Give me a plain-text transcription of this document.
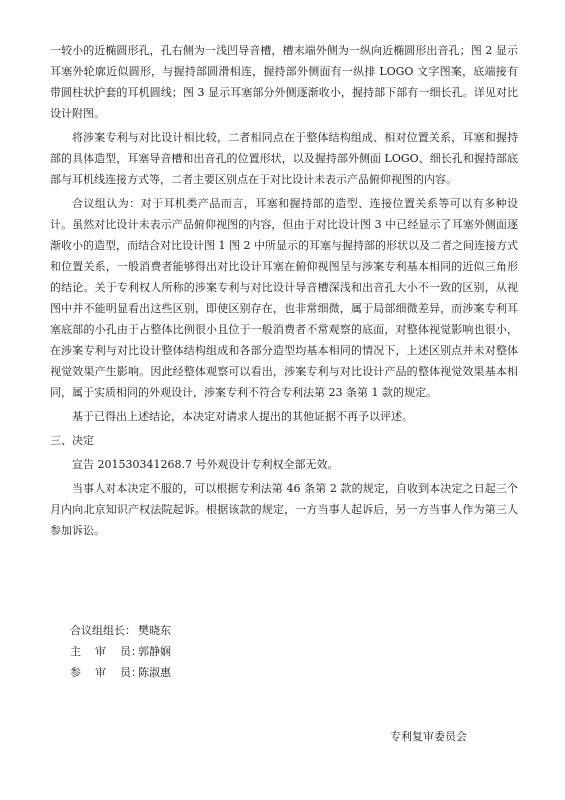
一较小的近椭圆形孔，孔右侧为一浅凹导音槽，槽末端外侧为一纵向近椭圆形出音孔；图 2 显示耳塞外轮廓近似圆形，与握持部圆滑相连，握持部外侧面有一纵排 LOGO 文字图案，底端接有带圆柱状护套的耳机圆线；图 3 显示耳塞部分外侧逐渐收小，握持部下部有一细长孔。详见对比设计附图。

将涉案专利与对比设计相比较，二者相同点在于整体结构组成、相对位置关系，耳塞和握持部的具体造型，耳塞导音槽和出音孔的位置形状，以及握持部外侧面 LOGO、细长孔和握持部底部与耳机线连接方式等，二者主要区别点在于对比设计未表示产品俯仰视图的内容。

合议组认为：对于耳机类产品而言，耳塞和握持部的造型、连接位置关系等可以有多种设计。虽然对比设计未表示产品俯仰视图的内容，但由于对比设计图 3 中已经显示了耳塞外侧面逐渐收小的造型，而结合对比设计图 1 图 2 中所显示的耳塞与握持部的形状以及二者之间连接方式和位置关系，一般消费者能够得出对比设计耳塞在俯仰视图呈与涉案专利基本相同的近似三角形的结论。关于专利权人所称的涉案专利与对比设计导音槽深浅和出音孔大小不一致的区别，从视图中并不能明显看出这些区别，即使区别存在，也非常细微，属于局部细微差异，而涉案专利耳塞底部的小孔由于占整体比例很小且位于一般消费者不常观察的底面，对整体视觉影响也很小，在涉案专利与对比设计整体结构组成和各部分造型均基本相同的情况下，上述区别点并未对整体视觉效果产生影响。因此经整体观察可以看出，涉案专利与对比设计产品的整体视觉效果基本相同，属于实质相同的外观设计，涉案专利不符合专利法第 23 条第 1 款的规定。

基于已得出上述结论，本决定对请求人提出的其他证据不再予以评述。

三、决定

宣告 201530341268.7 号外观设计专利权全部无效。

当事人对本决定不服的，可以根据专利法第 46 条第 2 款的规定，自收到本决定之日起三个月内向北京知识产权法院起诉。根据该款的规定，一方当事人起诉后，另一方当事人作为第三人参加诉讼。

合议组组长： 樊晓东
主    审    员：
郭静娴
参    审    员：
陈淑惠
专利复审委员会
